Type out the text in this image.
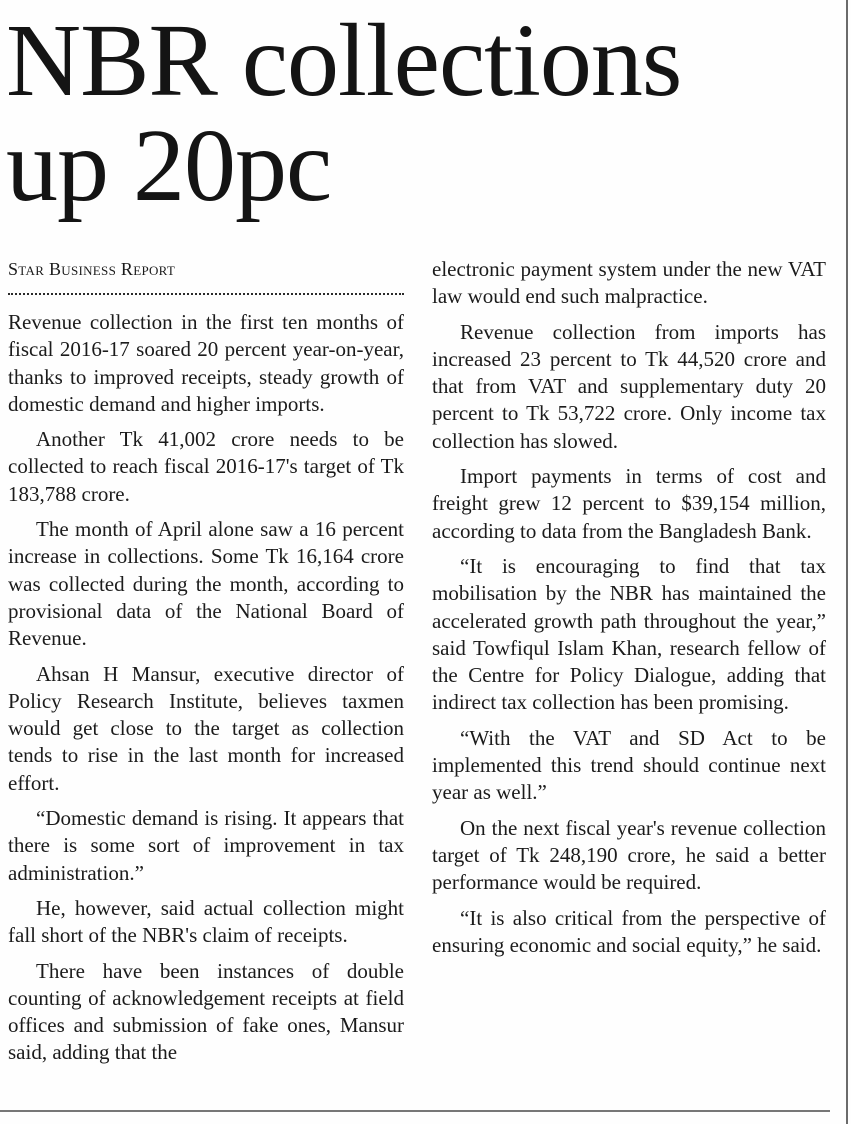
NBR collections
up 20pc
Star Business Report

Revenue collection in the first ten months of fiscal 2016-17 soared 20 percent year-on-year, thanks to improved receipts, steady growth of domestic demand and higher imports.

Another Tk 41,002 crore needs to be collected to reach fiscal 2016-17's target of Tk 183,788 crore.

The month of April alone saw a 16 percent increase in collections. Some Tk 16,164 crore was collected during the month, according to provisional data of the National Board of Revenue.

Ahsan H Mansur, executive director of Policy Research Institute, believes taxmen would get close to the target as collection tends to rise in the last month for increased effort.

“Domestic demand is rising. It appears that there is some sort of improvement in tax administration.”

He, however, said actual collection might fall short of the NBR's claim of receipts.

There have been instances of double counting of acknowledgement receipts at field offices and submission of fake ones, Mansur said, adding that the

electronic payment system under the new VAT law would end such malpractice.

Revenue collection from imports has increased 23 percent to Tk 44,520 crore and that from VAT and supplementary duty 20 percent to Tk 53,722 crore. Only income tax collection has slowed.

Import payments in terms of cost and freight grew 12 percent to $39,154 million, according to data from the Bangladesh Bank.

“It is encouraging to find that tax mobilisation by the NBR has maintained the accelerated growth path throughout the year,” said Towfiqul Islam Khan, research fellow of the Centre for Policy Dialogue, adding that indirect tax collection has been promising.

“With the VAT and SD Act to be implemented this trend should continue next year as well.”

On the next fiscal year's revenue collection target of Tk 248,190 crore, he said a better performance would be required.

“It is also critical from the perspective of ensuring economic and social equity,” he said.
